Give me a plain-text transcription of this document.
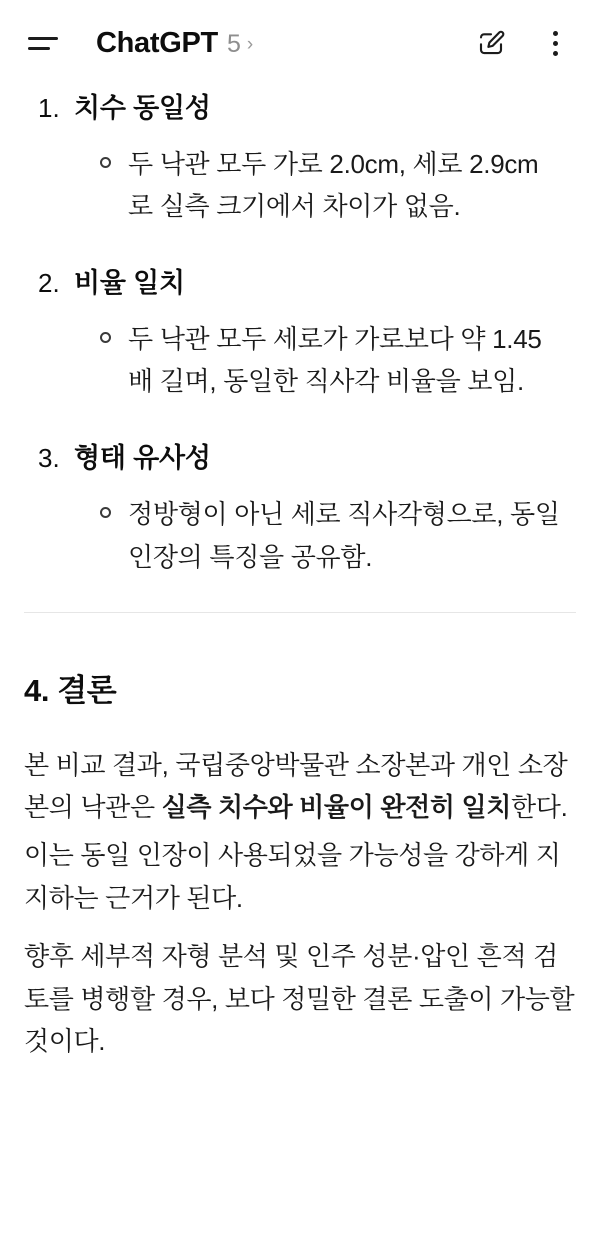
ChatGPT 5 ›
1. 치수 동일성
두 낙관 모두 가로 2.0cm, 세로 2.9cm로 실측 크기에서 차이가 없음.
2. 비율 일치
두 낙관 모두 세로가 가로보다 약 1.45배 길며, 동일한 직사각 비율을 보임.
3. 형태 유사성
정방형이 아닌 세로 직사각형으로, 동일 인장의 특징을 공유함.
4. 결론

본 비교 결과, 국립중앙박물관 소장본과 개인 소장본의 낙관은 실측 치수와 비율이 완전히 일치한다.

이는 동일 인장이 사용되었을 가능성을 강하게 지지하는 근거가 된다.

향후 세부적 자형 분석 및 인주 성분·압인 흔적 검토를 병행할 경우, 보다 정밀한 결론 도출이 가능할 것이다.
